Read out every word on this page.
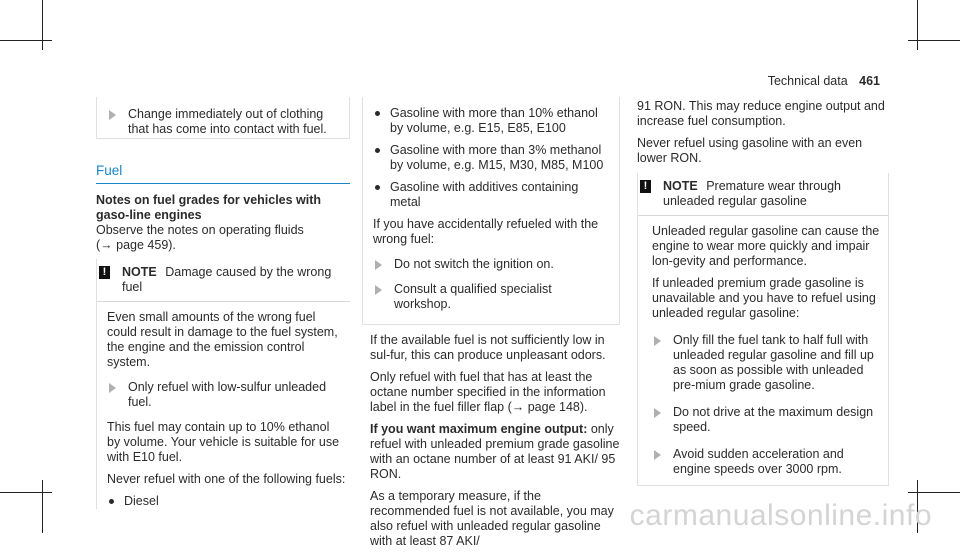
Technical data 461
Change immediately out of clothing that has come into contact with fuel.
Fuel
Notes on fuel grades for vehicles with gaso-line engines
Observe the notes on operating fluids
(→ page 459).
! NOTE Damage caused by the wrong fuel

Even small amounts of the wrong fuel could result in damage to the fuel system, the engine and the emission control system.

Only refuel with low-sulfur unleaded fuel.

This fuel may contain up to 10% ethanol by volume. Your vehicle is suitable for use with E10 fuel.

Never refuel with one of the following fuels:

Diesel
Gasoline with more than 10% ethanol by volume, e.g. E15, E85, E100
Gasoline with more than 3% methanol by volume, e.g. M15, M30, M85, M100
Gasoline with additives containing metal

If you have accidentally refueled with the wrong fuel:

Do not switch the ignition on.
Consult a qualified specialist workshop.

If the available fuel is not sufficiently low in sul-fur, this can produce unpleasant odors.

Only refuel with fuel that has at least the octane number specified in the information label in the fuel filler flap (→ page 148).

If you want maximum engine output: only refuel with unleaded premium grade gasoline with an octane number of at least 91 AKI/ 95 RON.

As a temporary measure, if the recommended fuel is not available, you may also refuel with unleaded regular gasoline with at least 87 AKI/

91 RON. This may reduce engine output and increase fuel consumption.

Never refuel using gasoline with an even lower RON.

! NOTE Premature wear through unleaded regular gasoline

Unleaded regular gasoline can cause the engine to wear more quickly and impair lon-gevity and performance.

If unleaded premium grade gasoline is unavailable and you have to refuel using unleaded regular gasoline:

Only fill the fuel tank to half full with unleaded regular gasoline and fill up as soon as possible with unleaded pre-mium grade gasoline.
Do not drive at the maximum design speed.
Avoid sudden acceleration and engine speeds over 3000 rpm.
carmanualsonline.info
